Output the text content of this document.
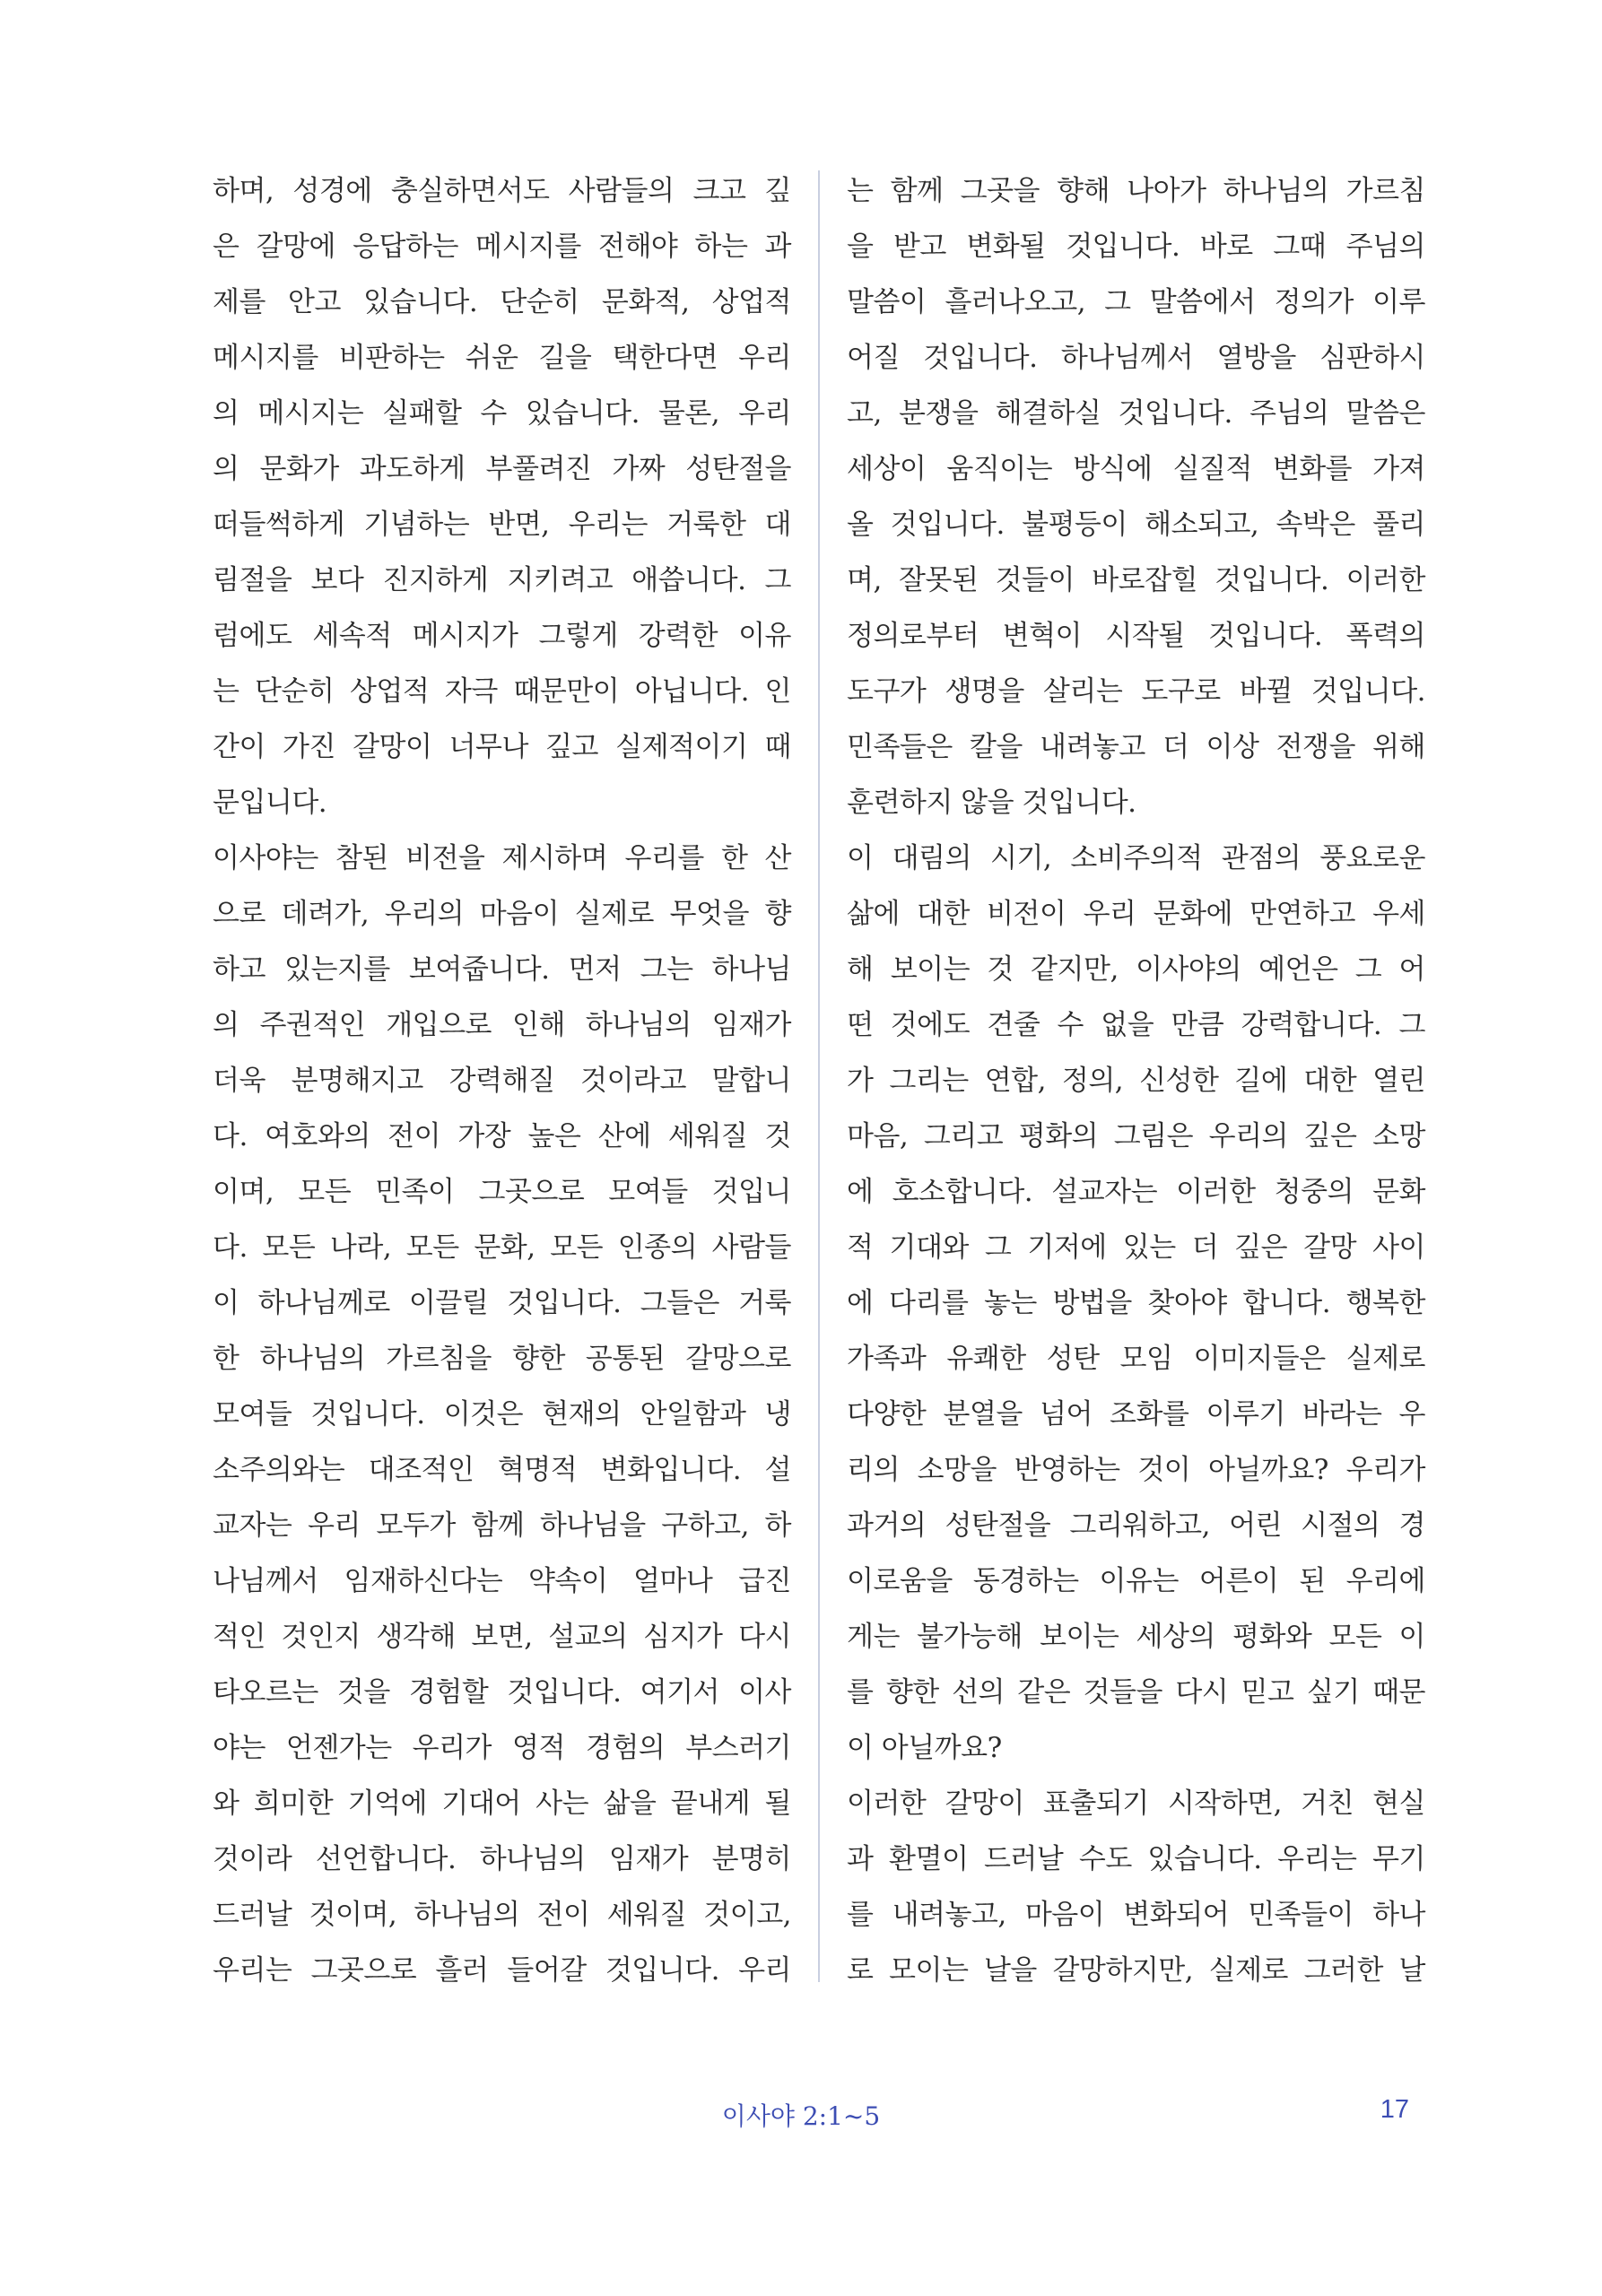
하며, 성경에 충실하면서도 사람들의 크고 깊
은 갈망에 응답하는 메시지를 전해야 하는 과
제를 안고 있습니다. 단순히 문화적, 상업적
메시지를 비판하는 쉬운 길을 택한다면 우리
의 메시지는 실패할 수 있습니다. 물론, 우리
의 문화가 과도하게 부풀려진 가짜 성탄절을
떠들썩하게 기념하는 반면, 우리는 거룩한 대
림절을 보다 진지하게 지키려고 애씁니다. 그
럼에도 세속적 메시지가 그렇게 강력한 이유
는 단순히 상업적 자극 때문만이 아닙니다. 인
간이 가진 갈망이 너무나 깊고 실제적이기 때
문입니다.
이사야는 참된 비전을 제시하며 우리를 한 산
으로 데려가, 우리의 마음이 실제로 무엇을 향
하고 있는지를 보여줍니다. 먼저 그는 하나님
의 주권적인 개입으로 인해 하나님의 임재가
더욱 분명해지고 강력해질 것이라고 말합니
다. 여호와의 전이 가장 높은 산에 세워질 것
이며, 모든 민족이 그곳으로 모여들 것입니
다. 모든 나라, 모든 문화, 모든 인종의 사람들
이 하나님께로 이끌릴 것입니다. 그들은 거룩
한 하나님의 가르침을 향한 공통된 갈망으로
모여들 것입니다. 이것은 현재의 안일함과 냉
소주의와는 대조적인 혁명적 변화입니다. 설
교자는 우리 모두가 함께 하나님을 구하고, 하
나님께서 임재하신다는 약속이 얼마나 급진
적인 것인지 생각해 보면, 설교의 심지가 다시
타오르는 것을 경험할 것입니다. 여기서 이사
야는 언젠가는 우리가 영적 경험의 부스러기
와 희미한 기억에 기대어 사는 삶을 끝내게 될
것이라 선언합니다. 하나님의 임재가 분명히
드러날 것이며, 하나님의 전이 세워질 것이고,
우리는 그곳으로 흘러 들어갈 것입니다. 우리
는 함께 그곳을 향해 나아가 하나님의 가르침
을 받고 변화될 것입니다. 바로 그때 주님의
말씀이 흘러나오고, 그 말씀에서 정의가 이루
어질 것입니다. 하나님께서 열방을 심판하시
고, 분쟁을 해결하실 것입니다. 주님의 말씀은
세상이 움직이는 방식에 실질적 변화를 가져
올 것입니다. 불평등이 해소되고, 속박은 풀리
며, 잘못된 것들이 바로잡힐 것입니다. 이러한
정의로부터 변혁이 시작될 것입니다. 폭력의
도구가 생명을 살리는 도구로 바뀔 것입니다.
민족들은 칼을 내려놓고 더 이상 전쟁을 위해
훈련하지 않을 것입니다.
이 대림의 시기, 소비주의적 관점의 풍요로운
삶에 대한 비전이 우리 문화에 만연하고 우세
해 보이는 것 같지만, 이사야의 예언은 그 어
떤 것에도 견줄 수 없을 만큼 강력합니다. 그
가 그리는 연합, 정의, 신성한 길에 대한 열린
마음, 그리고 평화의 그림은 우리의 깊은 소망
에 호소합니다. 설교자는 이러한 청중의 문화
적 기대와 그 기저에 있는 더 깊은 갈망 사이
에 다리를 놓는 방법을 찾아야 합니다. 행복한
가족과 유쾌한 성탄 모임 이미지들은 실제로
다양한 분열을 넘어 조화를 이루기 바라는 우
리의 소망을 반영하는 것이 아닐까요? 우리가
과거의 성탄절을 그리워하고, 어린 시절의 경
이로움을 동경하는 이유는 어른이 된 우리에
게는 불가능해 보이는 세상의 평화와 모든 이
를 향한 선의 같은 것들을 다시 믿고 싶기 때문
이 아닐까요?
이러한 갈망이 표출되기 시작하면, 거친 현실
과 환멸이 드러날 수도 있습니다. 우리는 무기
를 내려놓고, 마음이 변화되어 민족들이 하나
로 모이는 날을 갈망하지만, 실제로 그러한 날
이사야 2:1~5	17
